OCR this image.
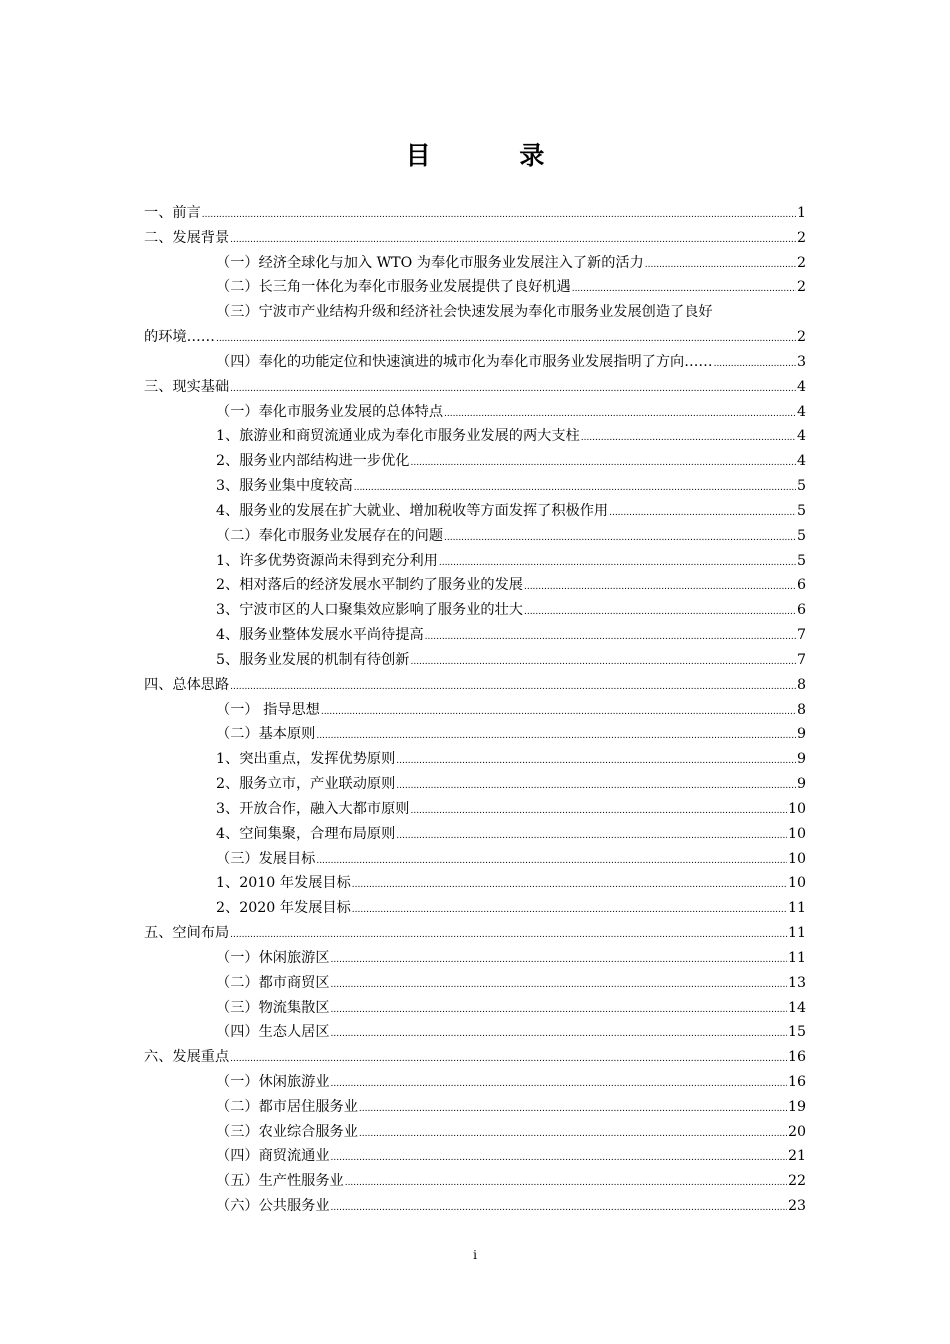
目 录
一、前言 .....	1
二、发展背景 .....	2
（一）经济全球化与加入 WTO 为奉化市服务业发展注入了新的活力 .....	2
（二）长三角一体化为奉化市服务业发展提供了良好机遇 .....	2
（三）宁波市产业结构升级和经济社会快速发展为奉化市服务业发展创造了良好
的环境…… .....	2
（四）奉化的功能定位和快速演进的城市化为奉化市服务业发展指明了方向…… .....	3
三、现实基础 .....	4
（一）奉化市服务业发展的总体特点 .....	4
1、旅游业和商贸流通业成为奉化市服务业发展的两大支柱 .....	4
2、服务业内部结构进一步优化 .....	4
3、服务业集中度较高 .....	5
4、服务业的发展在扩大就业、增加税收等方面发挥了积极作用 .....	5
（二）奉化市服务业发展存在的问题 .....	5
1、许多优势资源尚未得到充分利用 .....	5
2、相对落后的经济发展水平制约了服务业的发展 .....	6
3、宁波市区的人口聚集效应影响了服务业的壮大 .....	6
4、服务业整体发展水平尚待提高 .....	7
5、服务业发展的机制有待创新 .....	7
四、总体思路 .....	8
（一） 指导思想 .....	8
（二）基本原则 .....	9
1、突出重点，发挥优势原则 .....	9
2、服务立市，产业联动原则 .....	9
3、开放合作，融入大都市原则 .....	10
4、空间集聚，合理布局原则 .....	10
（三）发展目标 .....	10
1、2010 年发展目标 .....	10
2、2020 年发展目标 .....	11
五、空间布局 .....	11
（一）休闲旅游区 .....	11
（二）都市商贸区 .....	13
（三）物流集散区 .....	14
（四）生态人居区 .....	15
六、发展重点 .....	16
（一）休闲旅游业 .....	16
（二）都市居住服务业 .....	19
（三）农业综合服务业 .....	20
（四）商贸流通业 .....	21
（五）生产性服务业 .....	22
（六）公共服务业 .....	23
i
